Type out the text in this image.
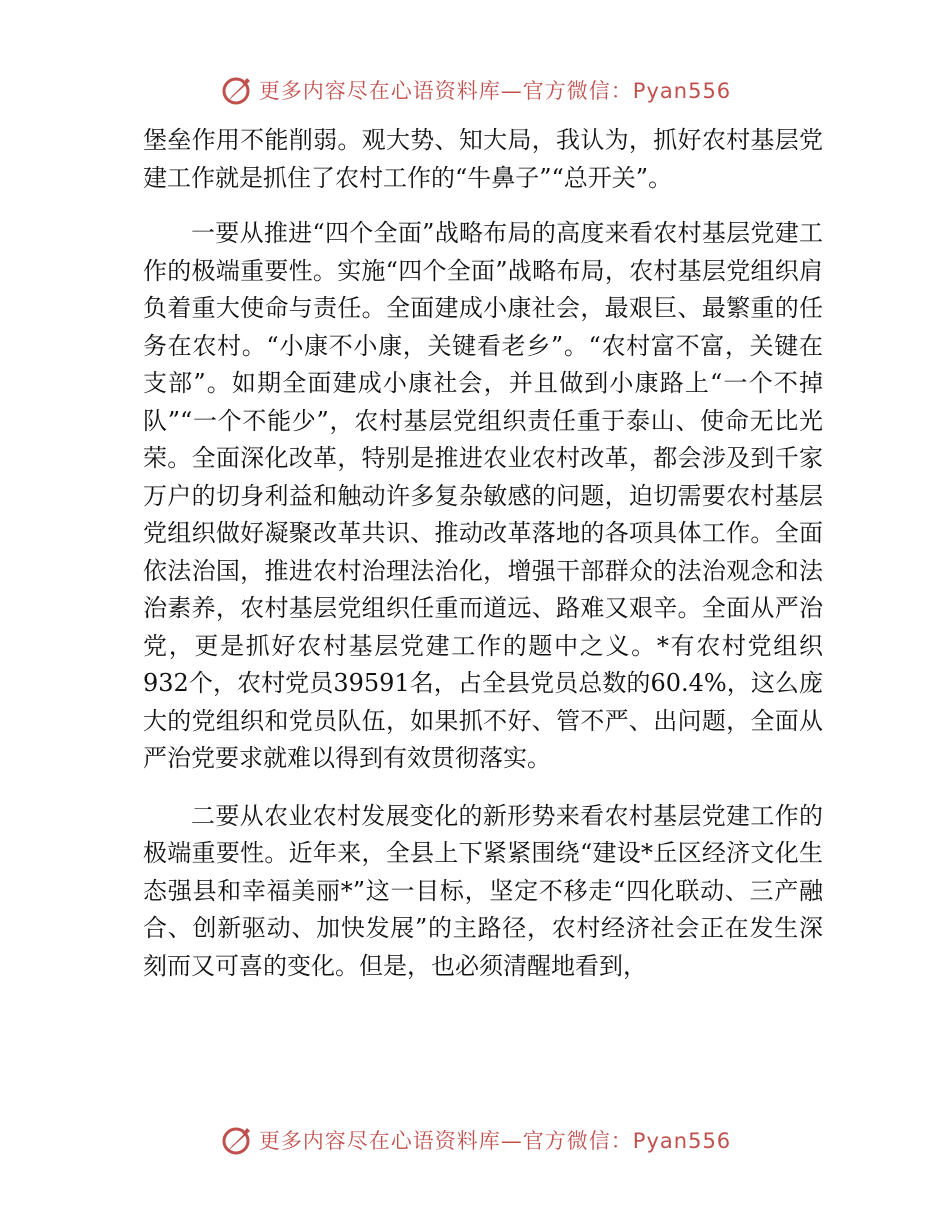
更多内容尽在心语资料库—官方微信：Pyan556

堡垒作用不能削弱。观大势、知大局，我认为，抓好农村基层党建工作就是抓住了农村工作的“牛鼻子”“总开关”。

一要从推进“四个全面”战略布局的高度来看农村基层党建工作的极端重要性。实施“四个全面”战略布局，农村基层党组织肩负着重大使命与责任。全面建成小康社会，最艰巨、最繁重的任务在农村。“小康不小康，关键看老乡”。“农村富不富，关键在支部”。如期全面建成小康社会，并且做到小康路上“一个不掉队”“一个不能少”，农村基层党组织责任重于泰山、使命无比光荣。全面深化改革，特别是推进农业农村改革，都会涉及到千家万户的切身利益和触动许多复杂敏感的问题，迫切需要农村基层党组织做好凝聚改革共识、推动改革落地的各项具体工作。全面依法治国，推进农村治理法治化，增强干部群众的法治观念和法治素养，农村基层党组织任重而道远、路难又艰辛。全面从严治党，更是抓好农村基层党建工作的题中之义。*有农村党组织932个，农村党员39591名，占全县党员总数的60.4%，这么庞大的党组织和党员队伍，如果抓不好、管不严、出问题，全面从严治党要求就难以得到有效贯彻落实。

二要从农业农村发展变化的新形势来看农村基层党建工作的极端重要性。近年来，全县上下紧紧围绕“建设*丘区经济文化生态强县和幸福美丽*”这一目标，坚定不移走“四化联动、三产融合、创新驱动、加快发展”的主路径，农村经济社会正在发生深刻而又可喜的变化。但是，也必须清醒地看到，

更多内容尽在心语资料库—官方微信：Pyan556
